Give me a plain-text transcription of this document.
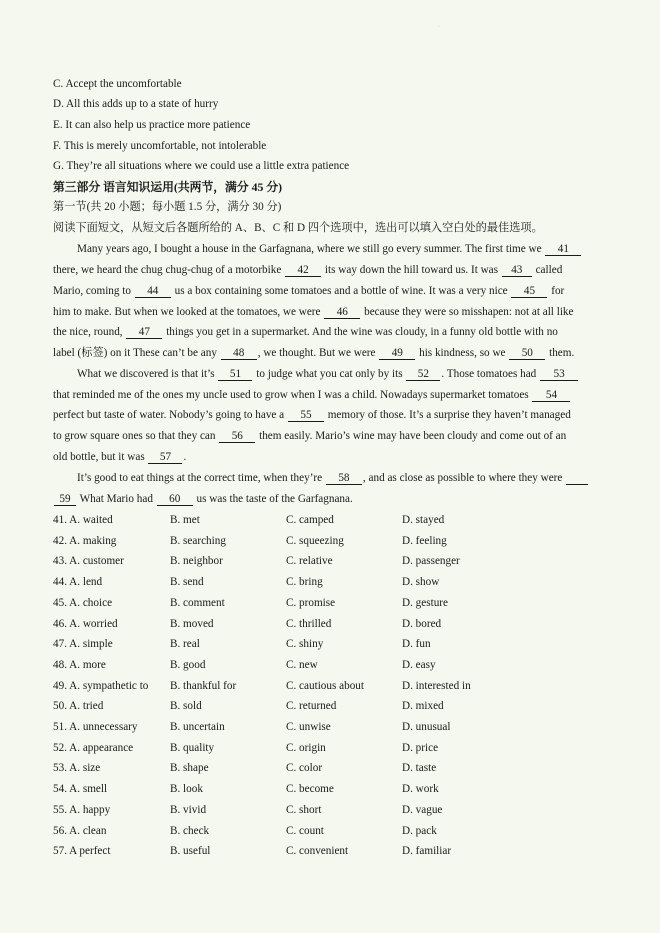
·
C. Accept the uncomfortable
D. All this adds up to a state of hurry
E. It can also help us practice more patience
F. This is merely uncomfortable, not intolerable
G. They’re all situations where we could use a little extra patience
第三部分 语言知识运用(共两节，满分 45 分)
第一节(共 20 小题；每小题 1.5 分，满分 30 分)
阅读下面短文，从短文后各题所给的 A、B、C 和 D 四个选项中，选出可以填入空白处的最佳选项。
Many years ago, I bought a house in the Garfagnana, where we still go every summer. The first time we 41
there, we heard the chug chug-chug of a motorbike 42 its way down the hill toward us. It was 43 called
Mario, coming to 44 us a box containing some tomatoes and a bottle of wine. It was a very nice 45 for
him to make. But when we looked at the tomatoes, we were 46 because they were so misshapen: not at all like
the nice, round, 47 things you get in a supermarket. And the wine was cloudy, in a funny old bottle with no
label (标签) on it These can’t be any 48 , we thought. But we were 49 his kindness, so we 50 them.
What we discovered is that it’s 51 to judge what you cat only by its 52 . Those tomatoes had 53
that reminded me of the ones my uncle used to grow when I was a child. Nowadays supermarket tomatoes 54
perfect but taste of water. Nobody’s going to have a 55 memory of those. It’s a surprise they haven’t managed
to grow square ones so that they can 56 them easily. Mario’s wine may have been cloudy and come out of an
old bottle, but it was 57 .
It’s good to eat things at the correct time, when they’re 58 , and as close as possible to where they were
59 What Mario had 60 us was the taste of the Garfagnana.
41. A. waited	B. met	C. camped	D. stayed
42. A. making	B. searching	C. squeezing	D. feeling
43. A. customer	B. neighbor	C. relative	D. passenger
44. A. lend	B. send	C. bring	D. show
45. A. choice	B. comment	C. promise	D. gesture
46. A. worried	B. moved	C. thrilled	D. bored
47. A. simple	B. real	C. shiny	D. fun
48. A. more	B. good	C. new	D. easy
49. A. sympathetic to B. thankful for	C. cautious about	D. interested in
50. A. tried	B. sold	C. returned	D. mixed
51. A. unnecessary	B. uncertain	C. unwise	D. unusual
52. A. appearance	B. quality	C. origin	D. price
53. A. size	B. shape	C. color	D. taste
54. A. smell	B. look	C. become	D. work
55. A. happy	B. vivid	C. short	D. vague
56. A. clean	B. check	C. count	D. pack
57. A perfect	B. useful	C. convenient	D. familiar
